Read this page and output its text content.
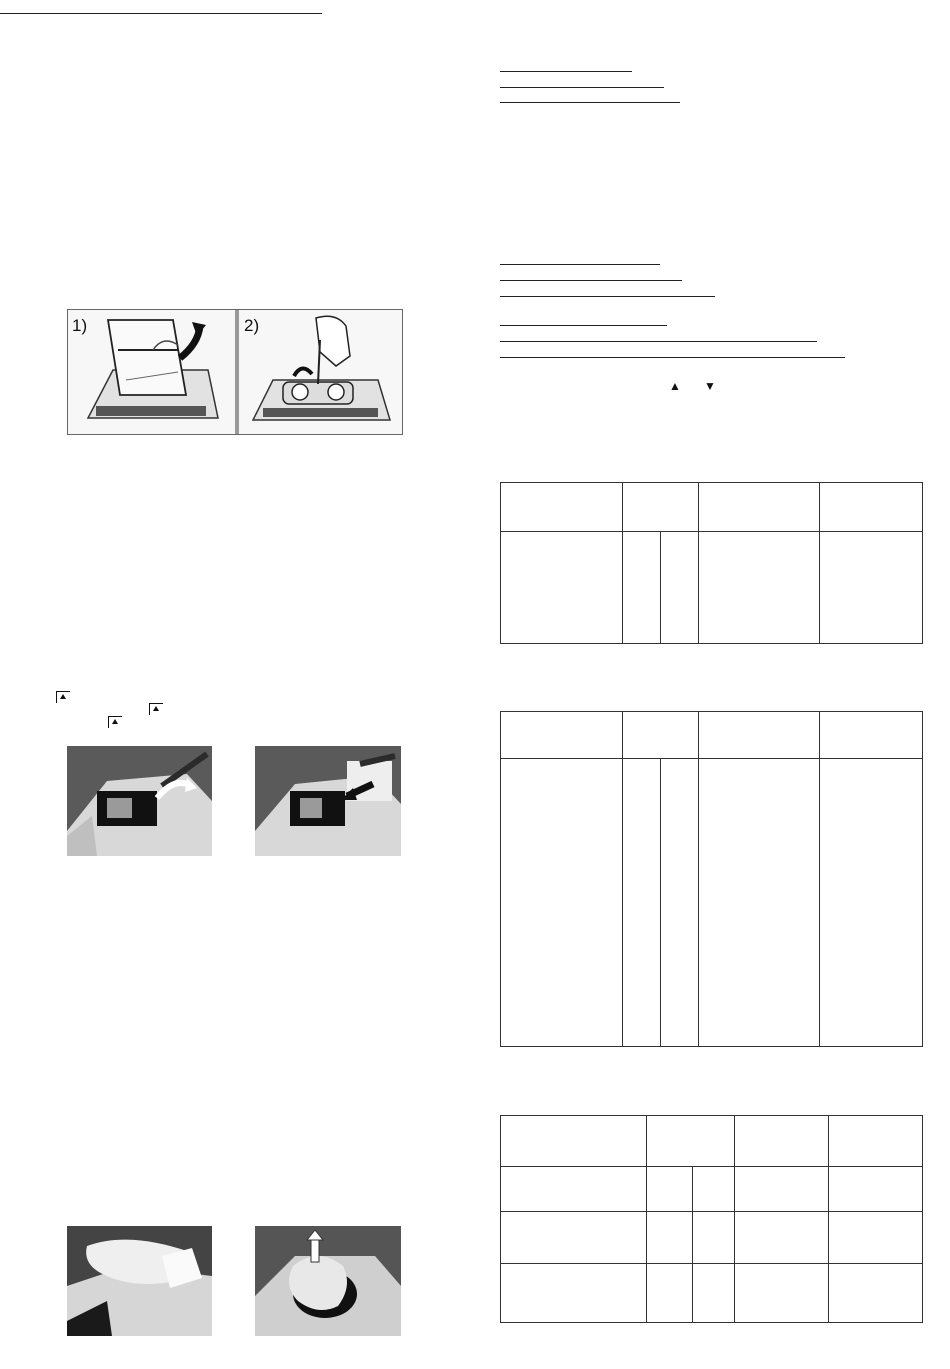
1)	2)
▲ ▼
